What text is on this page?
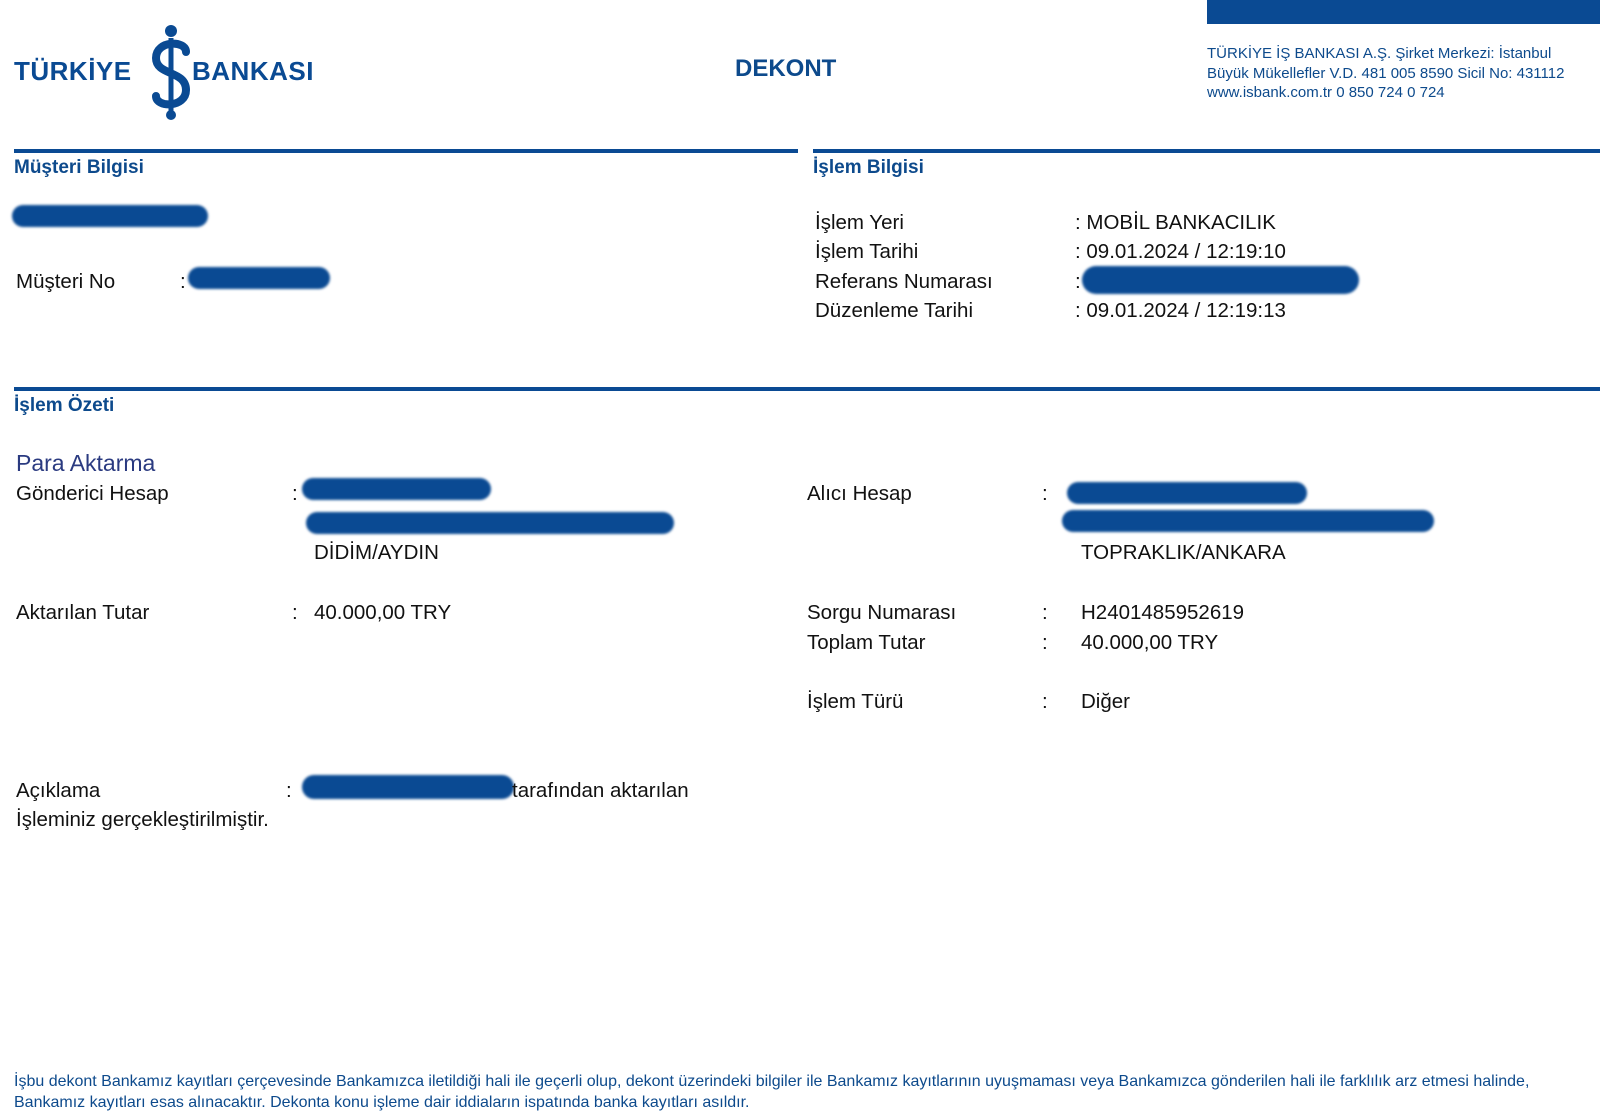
TÜRKİYE BANKASI	DEKONT
TÜRKİYE İŞ BANKASI A.Ş. Şirket Merkezi: İstanbul
Büyük Mükellefler V.D. 481 005 8590 Sicil No: 431112
www.isbank.com.tr 0 850 724 0 724
Müşteri Bilgisi
Müşteri No	:
İşlem Bilgisi
İşlem Yeri	: MOBİL BANKACILIK
İşlem Tarihi	: 09.01.2024 / 12:19:10
Referans Numarası	:
Düzenleme Tarihi	: 09.01.2024 / 12:19:13
İşlem Özeti
Para Aktarma
Gönderici Hesap	:
DİDİM/AYDIN
Alıcı Hesap	:
TOPRAKLIK/ANKARA
Aktarılan Tutar	: 40.000,00 TRY	Sorgu Numarası	: H2401485952619
Toplam Tutar	: 40.000,00 TRY
İşlem Türü	: Diğer
Açıklama	:	tarafından aktarılan
İşleminiz gerçekleştirilmiştir.
İşbu dekont Bankamız kayıtları çerçevesinde Bankamızca iletildiği hali ile geçerli olup, dekont üzerindeki bilgiler ile Bankamız kayıtlarının uyuşmaması veya Bankamızca gönderilen hali ile farklılık arz etmesi halinde,
Bankamız kayıtları esas alınacaktır. Dekonta konu işleme dair iddiaların ispatında banka kayıtları asıldır.
